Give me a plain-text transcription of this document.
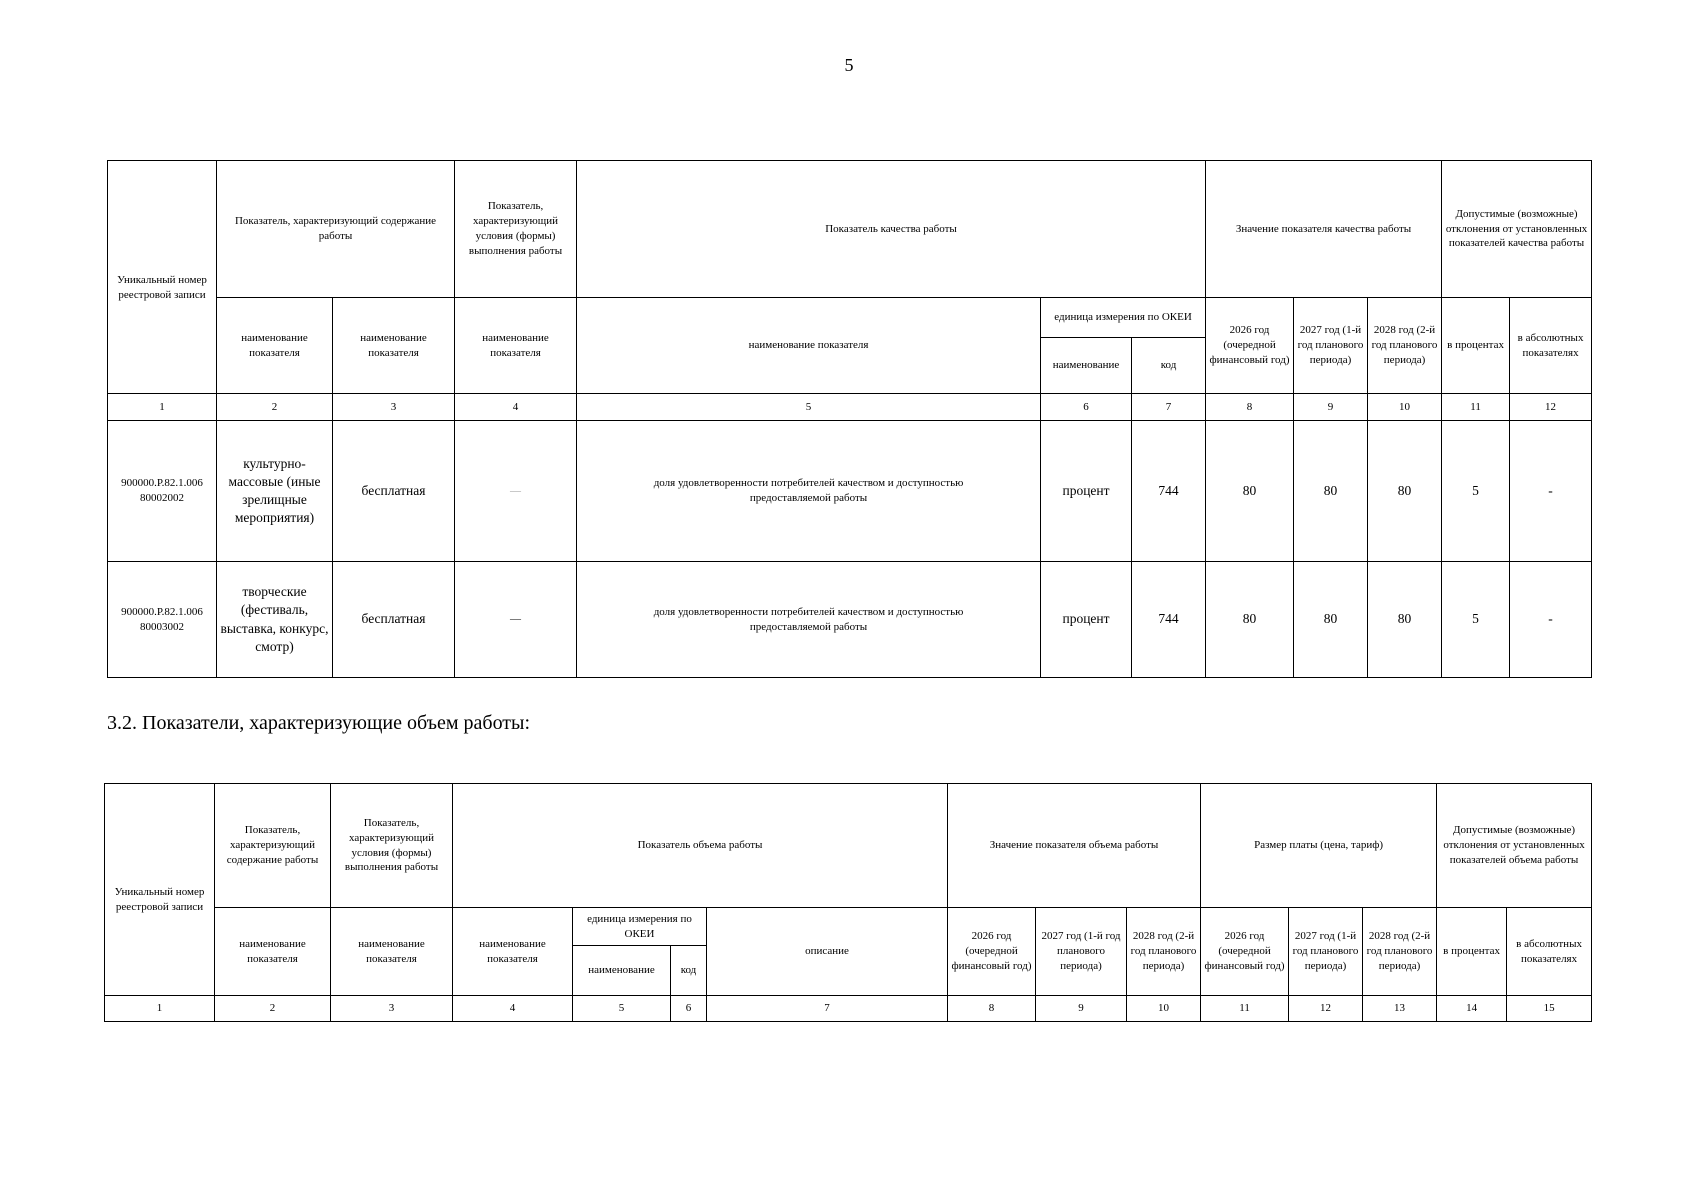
5
Уникальный номер реестровой записи	Показатель, характеризующий содержание работы		Показатель, характеризующий условия (формы) выполнения работы	Показатель качества работы			Значение показателя качества работы			Допустимые (возможные) отклонения от установленных показателей качества работы	
	наименование показателя	наименование показателя	наименование показателя	наименование показателя	единица измерения по ОКЕИ		2026 год (очередной финансовый год)	2027 год (1-й год планового периода)	2028 год (2-й год планового периода)	в процентах	в абсолютных показателях
					наименование	код					
1	2	3	4	5	6	7	8	9	10	11	12
900000.Р.82.1.006 80002002	культурно-массовые (иные зрелищные мероприятия)	бесплатная	—	доля удовлетворенности потребителей качеством и доступностью предоставляемой работы	процент	744	80	80	80	5	-
900000.Р.82.1.006 80003002	творческие (фестиваль, выставка, конкурс, смотр)	бесплатная	—	доля удовлетворенности потребителей качеством и доступностью предоставляемой работы	процент	744	80	80	80	5	-
3.2. Показатели, характеризующие объем работы:
Уникальный номер реестровой записи	Показатель, характеризующий содержание работы	Показатель, характеризующий условия (формы) выполнения работы	Показатель объема работы				Значение показателя объема работы			Размер платы (цена, тариф)			Допустимые (возможные) отклонения от установленных показателей объема работы	
	наименование показателя	наименование показателя	наименование показателя	единица измерения по ОКЕИ		описание	2026 год (очередной финансовый год)	2027 год (1-й год планового периода)	2028 год (2-й год планового периода)	2026 год (очередной финансовый год)	2027 год (1-й год планового периода)	2028 год (2-й год планового периода)	в процентах	в абсолютных показателях
				наименование	код									
1	2	3	4	5	6	7	8	9	10	11	12	13	14	15
